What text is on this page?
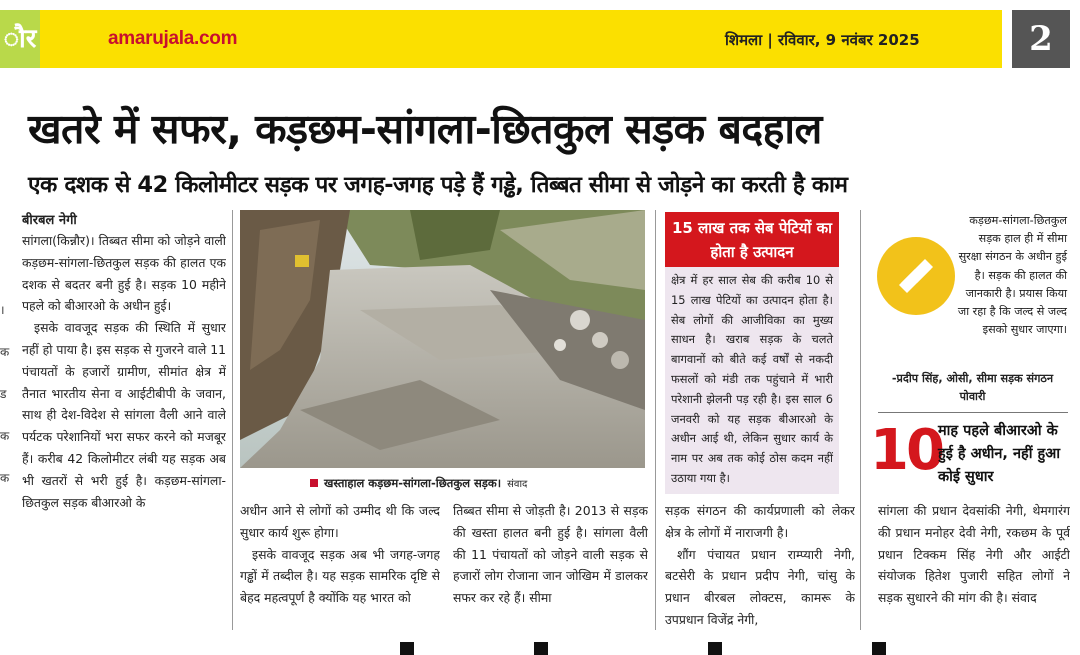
ौर	amarujala.com	शिमला | रविवार, 9 नवंबर 2025	2
खतरे में सफर, कड़छम-सांगला-छितकुल सड़क बदहाल
एक दशक से 42 किलोमीटर सड़क पर जगह-जगह पड़े हैं गड्ढे, तिब्बत सीमा से जोड़ने का करती है काम
।

क

ड

क

क
बीरबल नेगी

सांगला(किन्नौर)। तिब्बत सीमा को जोड़ने वाली कड़छम-सांगला-छितकुल सड़क की हालत एक दशक से बदतर बनी हुई है। सड़क 10 महीने पहले को बीआरओ के अधीन हुई।

इसके वावजूद सड़क की स्थिति में सुधार नहीं हो पाया है। इस सड़क से गुजरने वाले 11 पंचायतों के हजारों ग्रामीण, सीमांत क्षेत्र में तैनात भारतीय सेना व आईटीबीपी के जवान, साथ ही देश-विदेश से सांगला वैली आने वाले पर्यटक परेशानियों भरा सफर करने को मजबूर हैं। करीब 42 किलोमीटर लंबी यह सड़क अब भी खतरों से भरी हुई है। कड़छम-सांगला-छितकुल सड़क बीआरओ के

खस्ताहाल कड़छम-सांगला-छितकुल सड़क। संवाद

अधीन आने से लोगों को उम्मीद थी कि जल्द सुधार कार्य शुरू होगा।

इसके वावजूद सड़क अब भी जगह-जगह गड्ढों में तब्दील है। यह सड़क सामरिक दृष्टि से बेहद महत्वपूर्ण है क्योंकि यह भारत को

तिब्बत सीमा से जोड़ती है। 2013 से सड़क की खस्ता हालत बनी हुई है। सांगला वैली की 11 पंचायतों को जोड़ने वाली सड़क से हजारों लोग रोजाना जान जोखिम में डालकर सफर कर रहे हैं। सीमा

सड़क संगठन की कार्यप्रणाली को लेकर क्षेत्र के लोगों में नाराजगी है।

शौंग पंचायत प्रधान राम्प्यारी नेगी, बटसेरी के प्रधान प्रदीप नेगी, चांसु के प्रधान बीरबल लोक्टस, कामरू के उपप्रधान विजेंद्र नेगी,

सांगला की प्रधान देवसांकी नेगी, थेमगारंग की प्रधान मनोहर देवी नेगी, रकछम के पूर्व प्रधान टिक्कम सिंह नेगी और आईटी संयोजक हितेश पुजारी सहित लोगों ने सड़क सुधारने की मांग की है। संवाद

15 लाख तक सेब पेटियों का होता है उत्पादन
क्षेत्र में हर साल सेब की करीब 10 से 15 लाख पेटियों का उत्पादन होता है। सेब लोगों की आजीविका का मुख्य साधन है। खराब सड़क के चलते बागवानों को बीते कई वर्षों से नकदी फसलों को मंडी तक पहुंचाने में भारी परेशानी झेलनी पड़ रही है। इस साल 6 जनवरी को यह सड़क बीआरओ के अधीन आई थी, लेकिन सुधार कार्य के नाम पर अब तक कोई ठोस कदम नहीं उठाया गया है।
कड़छम-सांगला-छितकुल सड़क हाल ही में सीमा सुरक्षा संगठन के अधीन हुई है। सड़क की हालत की जानकारी है। प्रयास किया जा रहा है कि जल्द से जल्द इसको सुधार जाएगा।
-प्रदीप सिंह, ओसी, सीमा सड़क संगठन पोवारी
10
माह पहले बीआरओ के हुई है अधीन, नहीं हुआ कोई सुधार
